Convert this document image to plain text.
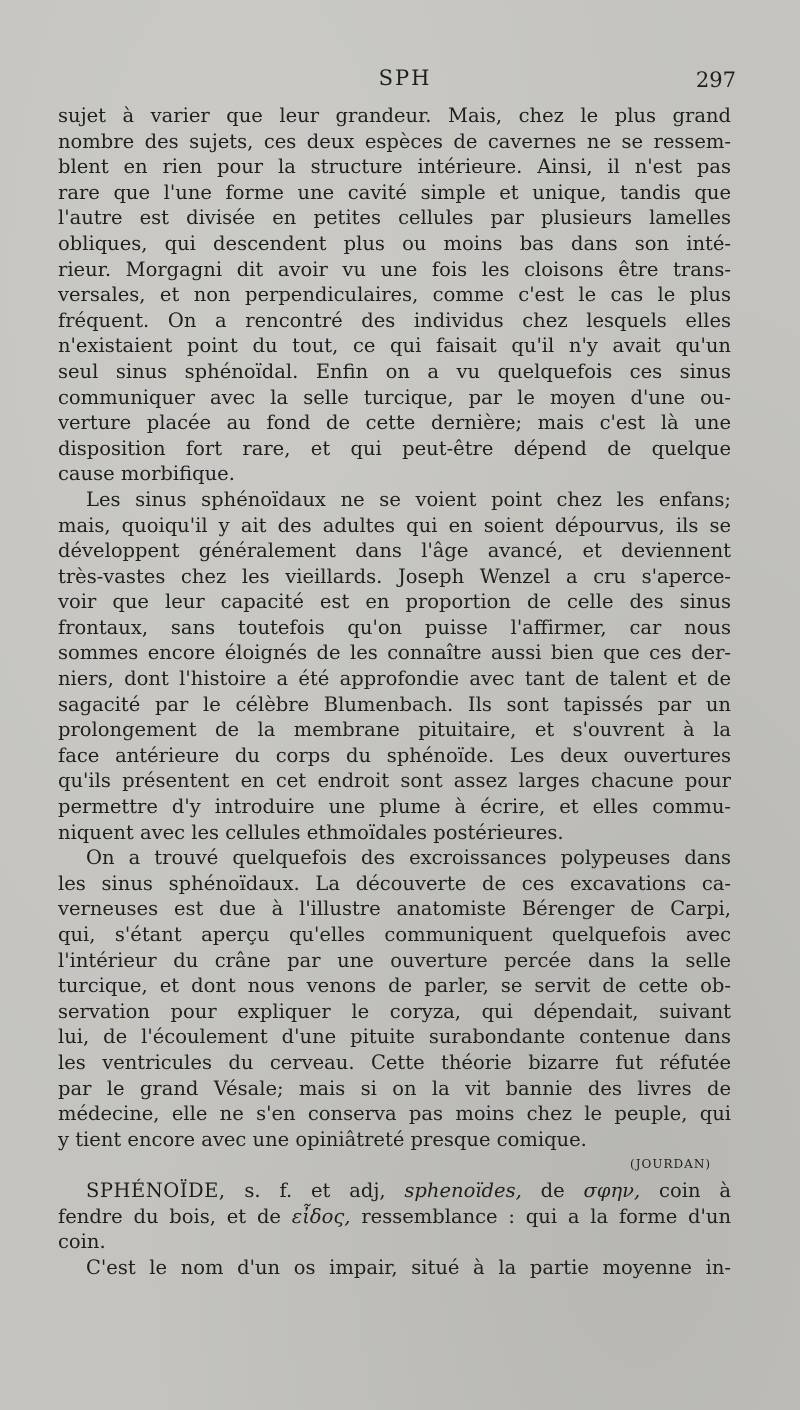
SPH	297
sujet à varier que leur grandeur. Mais, chez le plus grand
nombre des sujets, ces deux espèces de cavernes ne se ressem-
blent en rien pour la structure intérieure. Ainsi, il n'est pas
rare que l'une forme une cavité simple et unique, tandis que
l'autre est divisée en petites cellules par plusieurs lamelles
obliques, qui descendent plus ou moins bas dans son inté-
rieur. Morgagni dit avoir vu une fois les cloisons être trans-
versales, et non perpendiculaires, comme c'est le cas le plus
fréquent. On a rencontré des individus chez lesquels elles
n'existaient point du tout, ce qui faisait qu'il n'y avait qu'un
seul sinus sphénoïdal. Enfin on a vu quelquefois ces sinus
communiquer avec la selle turcique, par le moyen d'une ou-
verture placée au fond de cette dernière; mais c'est là une
disposition fort rare, et qui peut-être dépend de quelque
cause morbifique.
Les sinus sphénoïdaux ne se voient point chez les enfans;
mais, quoiqu'il y ait des adultes qui en soient dépourvus, ils se
développent généralement dans l'âge avancé, et deviennent
très-vastes chez les vieillards. Joseph Wenzel a cru s'aperce-
voir que leur capacité est en proportion de celle des sinus
frontaux, sans toutefois qu'on puisse l'affirmer, car nous
sommes encore éloignés de les connaître aussi bien que ces der-
niers, dont l'histoire a été approfondie avec tant de talent et de
sagacité par le célèbre Blumenbach. Ils sont tapissés par un
prolongement de la membrane pituitaire, et s'ouvrent à la
face antérieure du corps du sphénoïde. Les deux ouvertures
qu'ils présentent en cet endroit sont assez larges chacune pour
permettre d'y introduire une plume à écrire, et elles commu-
niquent avec les cellules ethmoïdales postérieures.
On a trouvé quelquefois des excroissances polypeuses dans
les sinus sphénoïdaux. La découverte de ces excavations ca-
verneuses est due à l'illustre anatomiste Bérenger de Carpi,
qui, s'étant aperçu qu'elles communiquent quelquefois avec
l'intérieur du crâne par une ouverture percée dans la selle
turcique, et dont nous venons de parler, se servit de cette ob-
servation pour expliquer le coryza, qui dépendait, suivant
lui, de l'écoulement d'une pituite surabondante contenue dans
les ventricules du cerveau. Cette théorie bizarre fut réfutée
par le grand Vésale; mais si on la vit bannie des livres de
médecine, elle ne s'en conserva pas moins chez le peuple, qui
y tient encore avec une opiniâtreté presque comique.
(JOURDAN)
SPHÉNOÏDE, s. f. et adj, sphenoïdes, de σφην, coin à
fendre du bois, et de εἶδος, ressemblance : qui a la forme d'un
coin.
C'est le nom d'un os impair, situé à la partie moyenne in-
